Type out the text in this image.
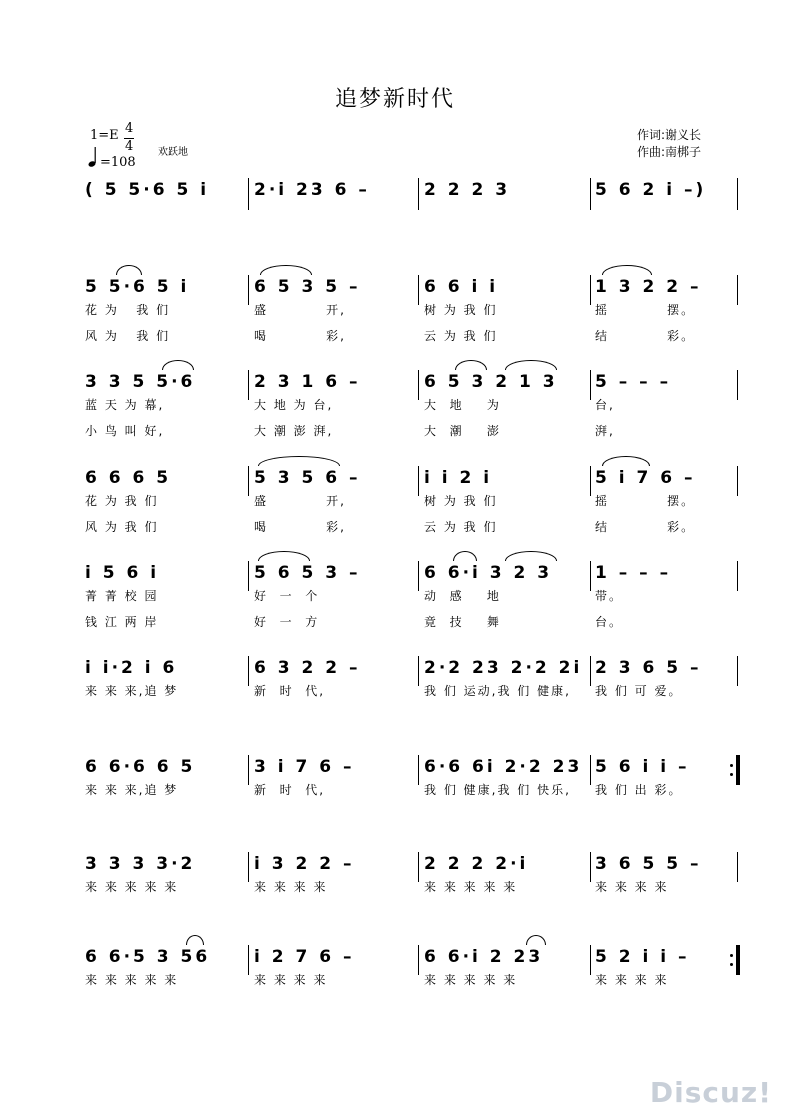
追梦新时代
1=E 4
4
=108
欢跃地
作词:谢义长
作曲:南梆子
( 5 5·6 5 i	2·i 23 6 –	2 2 2 3	5 6 2 i –)
5 5·6 5 i
花 为   我 们
风 为   我 们
6 5 3 5 –
盛          开,
喝          彩,
6 6 i i
树 为 我 们
云 为 我 们
1 3 2 2 –
摇          摆。
结          彩。
3 3 5 5·6
蓝 天 为 幕,
小 鸟 叫 好,
2 3 1 6 –
大 地 为 台,
大 潮 澎 湃,
6 5 3 2 1 3
大  地    为
大  潮    澎
5 – – –
台,
湃,
6 6 6 5
花 为 我 们
风 为 我 们
5 3 5 6 –
盛          开,
喝          彩,
i i 2 i
树 为 我 们
云 为 我 们
5 i 7 6 –
摇          摆。
结          彩。
i 5 6 i
菁 菁 校 园
钱 江 两 岸
5 6 5 3 –
好  一  个
好  一  方
6 6·i 3 2 3
动  感    地
竟  技    舞
1 – – –
带。
台。
i i·2 i 6
来 来 来,追 梦
6 3 2 2 –
新  时  代,
2·2 23 2·2 2i
我 们 运动,我 们 健康,
2 3 6 5 –
我 们 可 爱。
6 6·6 6 5
来 来 来,追 梦
3 i 7 6 –
新  时  代,
6·6 6i 2·2 23
我 们 健康,我 们 快乐,
5 6 i i –
我 们 出 彩。
3 3 3 3·2
来 来 来 来 来
i 3 2 2 –
来 来 来 来
2 2 2 2·i
来 来 来 来 来
3 6 5 5 –
来 来 来 来
6 6·5 3 56
来 来 来 来 来
i 2 7 6 –
来 来 来 来
6 6·i 2 23
来 来 来 来 来
5 2 i i –
来 来 来 来
Discuz!
